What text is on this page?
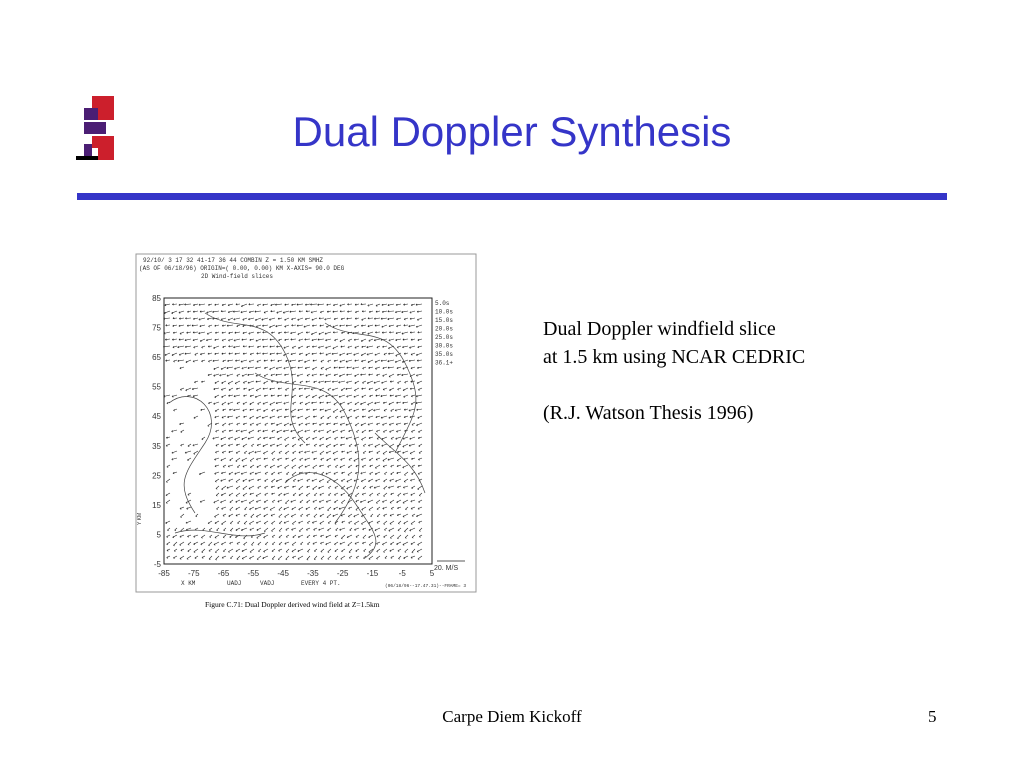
Dual Doppler Synthesis
92/10/ 3 17 32 41-17 36 44 COMBIN Z = 1.50 KM SMHZ
(AS OF 06/18/96) ORIGIN=( 0.00, 0.00) KM X-AXIS= 90.0 DEG
2D Wind-field slices
85
75
65
55
45
35
25
15
5
-5
-85 -75 -65 -55 -45 -35 -25 -15	-5	5
Y KM
5.0s
10.0s
15.0s
20.0s
25.0s
30.0s
35.0s
36.1+
20. M/S
X KM	UADJ	VADJ	EVERY 4 PT.	(06/18/96--17.47.31)--FRAME= 3
Figure C.71: Dual Doppler derived wind field at Z=1.5km

Dual Doppler windfield slice

at 1.5 km using NCAR CEDRIC

(R.J. Watson Thesis 1996)

Carpe Diem Kickoff	5
